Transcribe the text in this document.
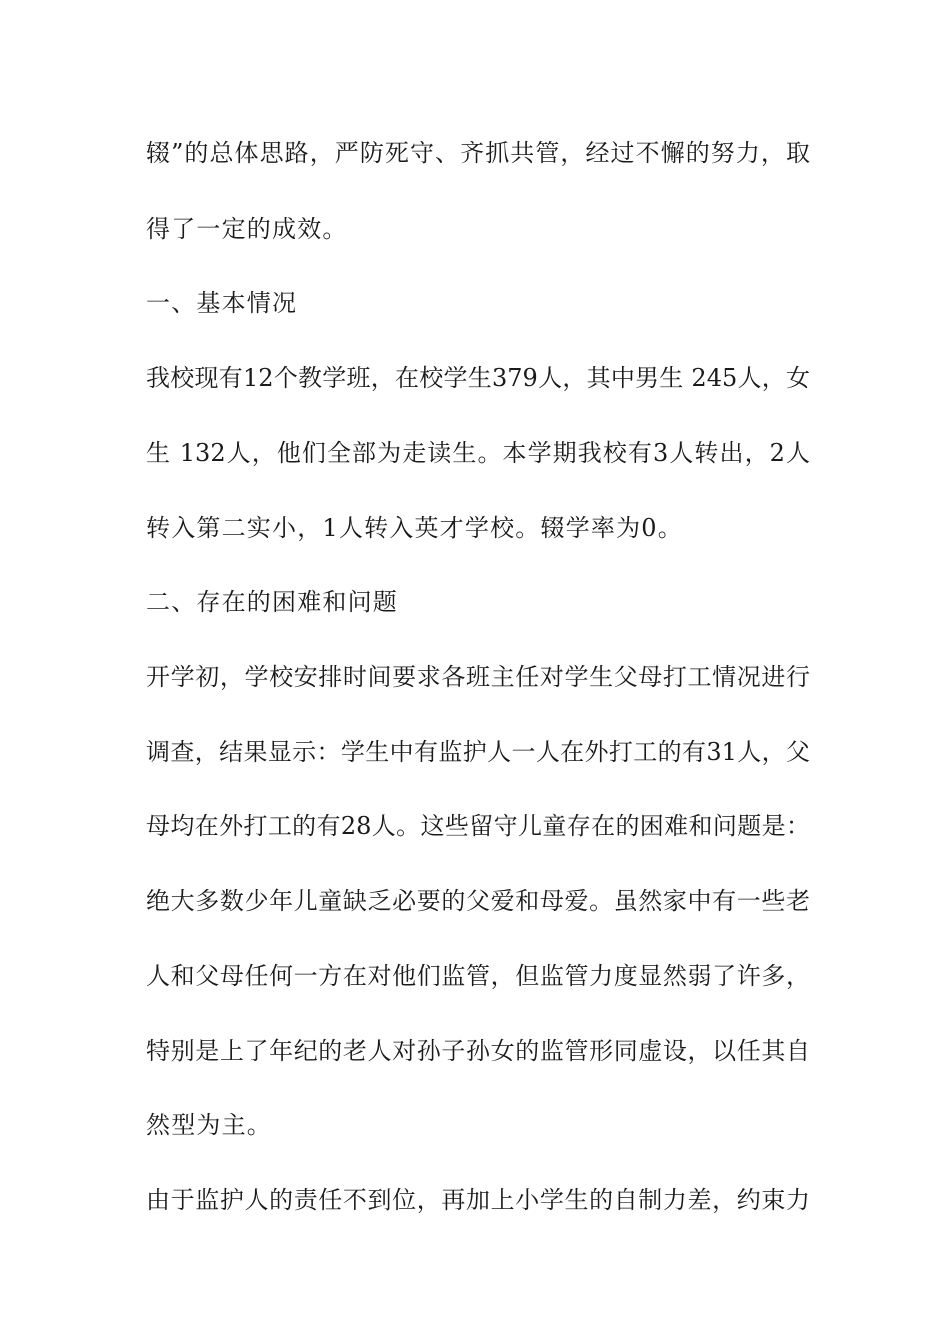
辍”的总体思路，严防死守、齐抓共管，经过不懈的努力，取
得了一定的成效。
一、基本情况
我校现有12个教学班，在校学生379人，其中男生 245人，女
生 132人，他们全部为走读生。本学期我校有3人转出，2人
转入第二实小，1人转入英才学校。辍学率为0。
二、存在的困难和问题
开学初，学校安排时间要求各班主任对学生父母打工情况进行
调查，结果显示：学生中有监护人一人在外打工的有31人，父
母均在外打工的有28人。这些留守儿童存在的困难和问题是：
绝大多数少年儿童缺乏必要的父爱和母爱。虽然家中有一些老
人和父母任何一方在对他们监管，但监管力度显然弱了许多，
特别是上了年纪的老人对孙子孙女的监管形同虚设，以任其自
然型为主。
由于监护人的责任不到位，再加上小学生的自制力差，约束力
